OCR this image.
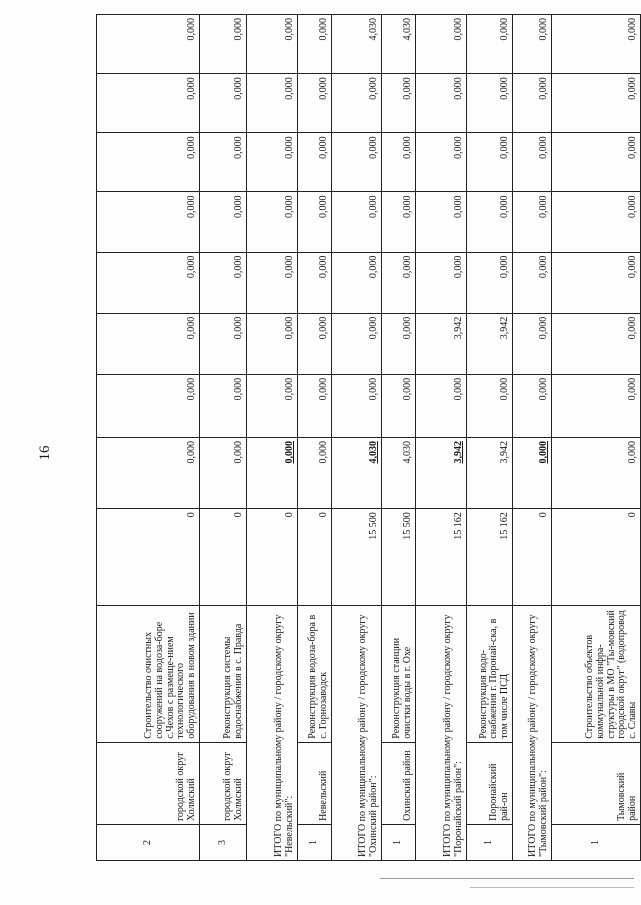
16
2	городской округ Холмский	Строительство очистных сооружений на водоза-боре с.Чехов с размеще-нием технологического оборудования в новом здании	0	0,000	0,000	0,000	0,000	0,000	0,000	0,000	0,000
3	городской округ Холмский	Реконструкция системы водоснабжения в с. Правда	0	0,000	0,000	0,000	0,000	0,000	0,000	0,000	0,000
ИТОГО по муниципальному району / городскому округу "Невельский":			0	0,000	0,000	0,000	0,000	0,000	0,000	0,000	0,000
1	Невельский	Реконструкция водоза-бора в с. Горнозаводск	0	0,000	0,000	0,000	0,000	0,000	0,000	0,000	0,000
ИТОГО по муниципальному району / городскому округу "Охинский район":			15 500	4,030	0,000	0,000	0,000	0,000	0,000	0,000	4,030
1	Охинский район	Реконструкция станции очистки воды в г. Охе	15 500	4,030	0,000	0,000	0,000	0,000	0,000	0,000	4,030
ИТОГО по муниципальному району / городскому округу "Поронайский район":			15 162	3,942	0,000	3,942	0,000	0,000	0,000	0,000	0,000
1	Поронайский рай-он	Реконструкция водо-снабжения г. Поронай-ска, в том числе ПСД	15 162	3,942	0,000	3,942	0,000	0,000	0,000	0,000	0,000
ИТОГО по муниципальному району / городскому округу "Тымовский район":			0	0,000	0,000	0,000	0,000	0,000	0,000	0,000	0,000
1	Тымовский район	Строительство объектов коммунальной инфра-структуры в МО "Ты-мовский городской округ" (водопровод с. Славы	0	0,000	0,000	0,000	0,000	0,000	0,000	0,000	0,000
